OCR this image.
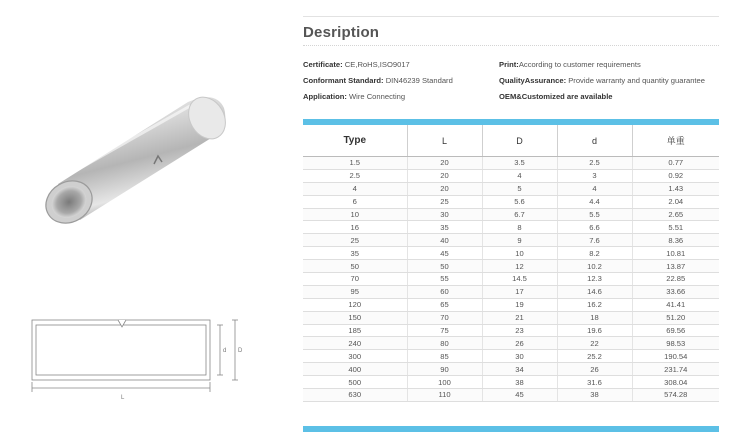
L
d D
Desription
Certificate: CE,RoHS,ISO9017
Conformant Standard: DIN46239 Standard
Application: Wire Connecting
Print:According to customer requirements
QualityAssurance: Provide warranty and quantity guarantee
OEM&Customized are available
Type	L	D	d	单重
1.5	20	3.5	2.5	0.77
2.5	20	4	3	0.92
4	20	5	4	1.43
6	25	5.6	4.4	2.04
10	30	6.7	5.5	2.65
16	35	8	6.6	5.51
25	40	9	7.6	8.36
35	45	10	8.2	10.81
50	50	12	10.2	13.87
70	55	14.5	12.3	22.85
95	60	17	14.6	33.66
120	65	19	16.2	41.41
150	70	21	18	51.20
185	75	23	19.6	69.56
240	80	26	22	98.53
300	85	30	25.2	190.54
400	90	34	26	231.74
500	100	38	31.6	308.04
630	110	45	38	574.28
